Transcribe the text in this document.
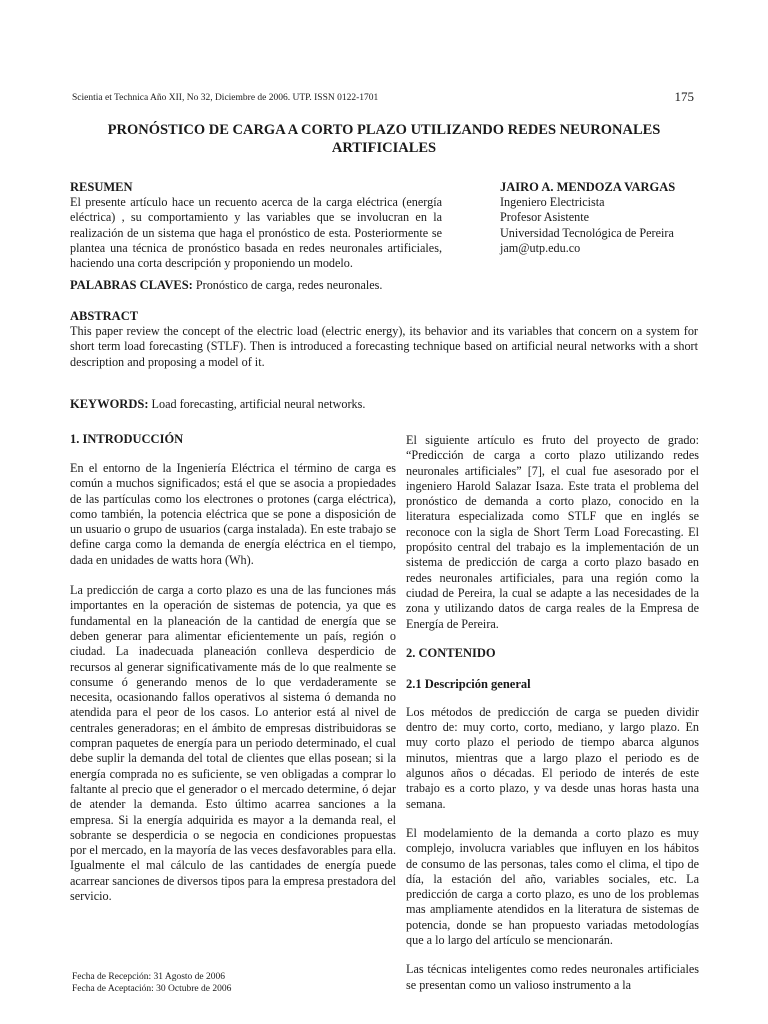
Scientia et Technica Año XII, No 32, Diciembre de 2006. UTP. ISSN 0122-1701	175
PRONÓSTICO DE CARGA A CORTO PLAZO UTILIZANDO REDES NEURONALES
ARTIFICIALES
RESUMEN

El presente artículo hace un recuento acerca de la carga eléctrica (energía eléctrica) , su comportamiento y las variables que se involucran en la realización de un sistema que haga el pronóstico de esta. Posteriormente se plantea una técnica de pronóstico basada en redes neuronales artificiales, haciendo una corta descripción y proponiendo un modelo.

JAIRO A. MENDOZA VARGAS
Ingeniero Electricista
Profesor Asistente
Universidad Tecnológica de Pereira
jam@utp.edu.co
PALABRAS CLAVES: Pronóstico de carga, redes neuronales.
ABSTRACT

This paper review the concept of the electric load (electric energy), its behavior and its variables that concern on a system for short term load forecasting (STLF). Then is introduced a forecasting technique based on artificial neural networks with a short description and proposing a model of it.

KEYWORDS: Load forecasting, artificial neural networks.
1. INTRODUCCIÓN

En el entorno de la Ingeniería Eléctrica el término de carga es común a muchos significados; está el que se asocia a propiedades de las partículas como los electrones o protones (carga eléctrica), como también, la potencia eléctrica que se pone a disposición de un usuario o grupo de usuarios (carga instalada). En este trabajo se define carga como la demanda de energía eléctrica en el tiempo, dada en unidades de watts hora (Wh).

La predicción de carga a corto plazo es una de las funciones más importantes en la operación de sistemas de potencia, ya que es fundamental en la planeación de la cantidad de energía que se deben generar para alimentar eficientemente un país, región o ciudad. La inadecuada planeación conlleva desperdicio de recursos al generar significativamente más de lo que realmente se consume ó generando menos de lo que verdaderamente se necesita, ocasionando fallos operativos al sistema ó demanda no atendida para el peor de los casos. Lo anterior está al nivel de centrales generadoras; en el ámbito de empresas distribuidoras se compran paquetes de energía para un periodo determinado, el cual debe suplir la demanda del total de clientes que ellas posean; si la energía comprada no es suficiente, se ven obligadas a comprar lo faltante al precio que el generador o el mercado determine, ó dejar de atender la demanda. Esto último acarrea sanciones a la empresa. Si la energía adquirida es mayor a la demanda real, el sobrante se desperdicia o se negocia en condiciones propuestas por el mercado, en la mayoría de las veces desfavorables para ella. Igualmente el mal cálculo de las cantidades de energía puede acarrear sanciones de diversos tipos para la empresa prestadora del servicio.

El siguiente artículo es fruto del proyecto de grado: “Predicción de carga a corto plazo utilizando redes neuronales artificiales” [7], el cual fue asesorado por el ingeniero Harold Salazar Isaza. Este trata el problema del pronóstico de demanda a corto plazo, conocido en la literatura especializada como STLF que en inglés se reconoce con la sigla de Short Term Load Forecasting. El propósito central del trabajo es la implementación de un sistema de predicción de carga a corto plazo basado en redes neuronales artificiales, para una región como la ciudad de Pereira, la cual se adapte a las necesidades de la zona y utilizando datos de carga reales de la Empresa de Energía de Pereira.

2. CONTENIDO
2.1 Descripción general

Los métodos de predicción de carga se pueden dividir dentro de: muy corto, corto, mediano, y largo plazo. En muy corto plazo el periodo de tiempo abarca algunos minutos, mientras que a largo plazo el periodo es de algunos años o décadas. El periodo de interés de este trabajo es a corto plazo, y va desde unas horas hasta una semana.

El modelamiento de la demanda a corto plazo es muy complejo, involucra variables que influyen en los hábitos de consumo de las personas, tales como el clima, el tipo de día, la estación del año, variables sociales, etc. La predicción de carga a corto plazo, es uno de los problemas mas ampliamente atendidos en la literatura de sistemas de potencia, donde se han propuesto variadas metodologías que a lo largo del artículo se mencionarán.

Las técnicas inteligentes como redes neuronales artificiales se presentan como un valioso instrumento a la

Fecha de Recepción: 31 Agosto de 2006
Fecha de Aceptación: 30 Octubre de 2006
